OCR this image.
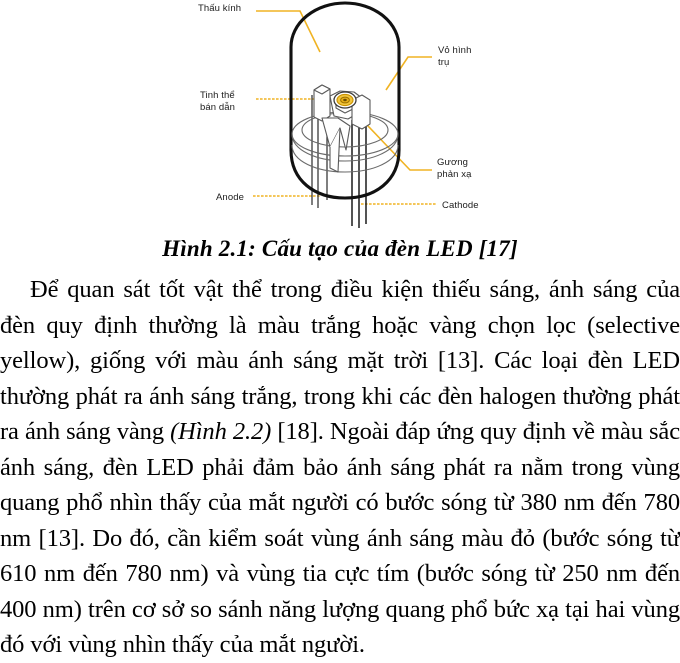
Thấu kính
Vỏ hình
trụ
Tinh thể
bán dẫn
Gương
phản xạ
Anode
Cathode
Hình 2.1: Cấu tạo của đèn LED [17]

Để quan sát tốt vật thể trong điều kiện thiếu sáng, ánh sáng của đèn quy định thường là màu trắng hoặc vàng chọn lọc (selective yellow), giống với màu ánh sáng mặt trời [13]. Các loại đèn LED thường phát ra ánh sáng trắng, trong khi các đèn halogen thường phát ra ánh sáng vàng (Hình 2.2) [18]. Ngoài đáp ứng quy định về màu sắc ánh sáng, đèn LED phải đảm bảo ánh sáng phát ra nằm trong vùng quang phổ nhìn thấy của mắt người có bước sóng từ 380 nm đến 780 nm [13]. Do đó, cần kiểm soát vùng ánh sáng màu đỏ (bước sóng từ 610 nm đến 780 nm) và vùng tia cực tím (bước sóng từ 250 nm đến 400 nm) trên cơ sở so sánh năng lượng quang phổ bức xạ tại hai vùng đó với vùng nhìn thấy của mắt người.
